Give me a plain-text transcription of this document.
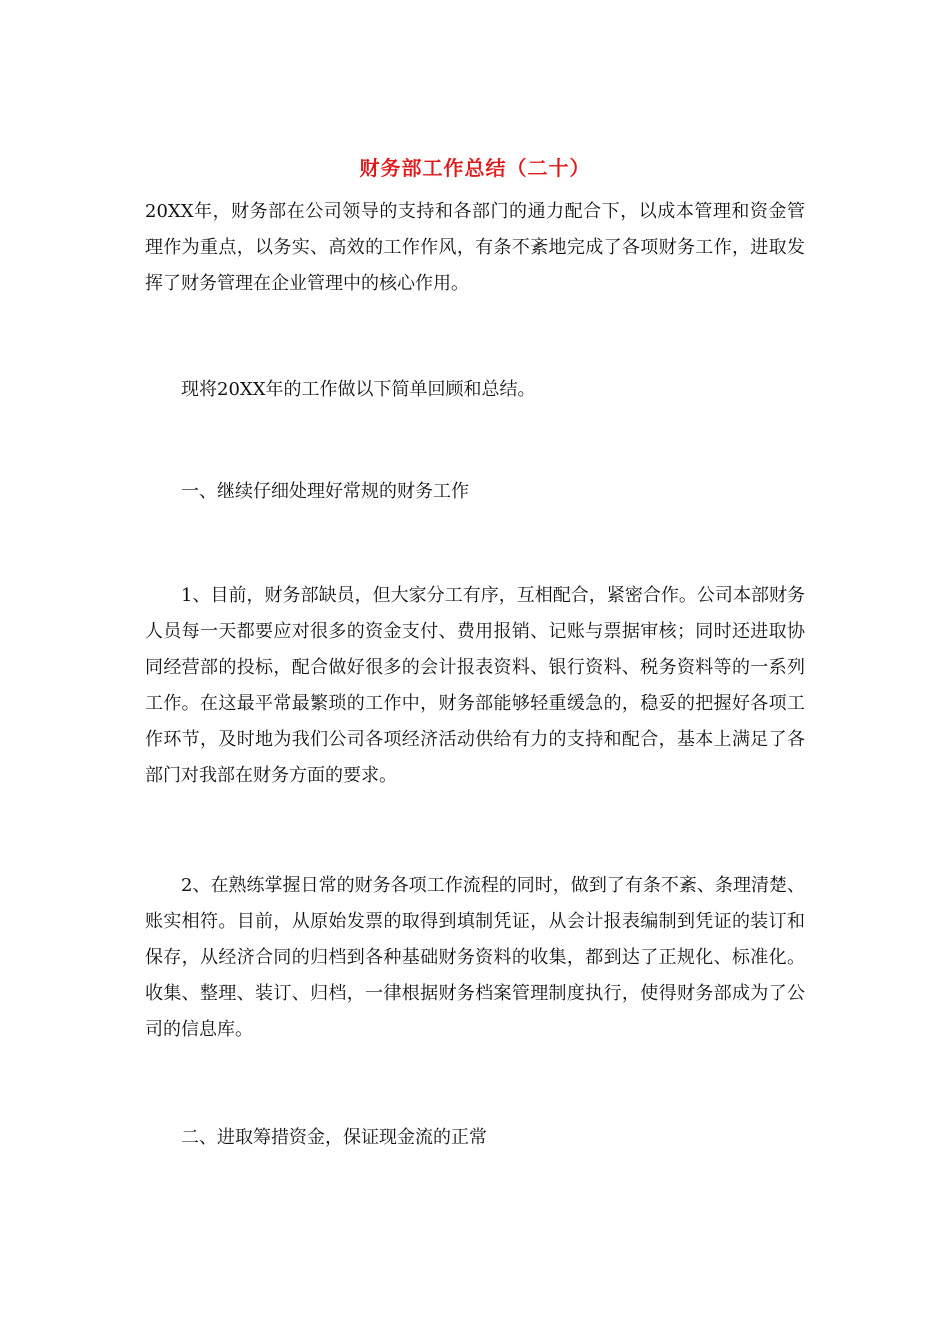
财务部工作总结（二十）

20XX年，财务部在公司领导的支持和各部门的通力配合下，以成本管理和资金管理作为重点，以务实、高效的工作作风，有条不紊地完成了各项财务工作，进取发挥了财务管理在企业管理中的核心作用。

现将20XX年的工作做以下简单回顾和总结。

一、继续仔细处理好常规的财务工作

1、目前，财务部缺员，但大家分工有序，互相配合，紧密合作。公司本部财务人员每一天都要应对很多的资金支付、费用报销、记账与票据审核；同时还进取协同经营部的投标，配合做好很多的会计报表资料、银行资料、税务资料等的一系列工作。在这最平常最繁琐的工作中，财务部能够轻重缓急的，稳妥的把握好各项工作环节，及时地为我们公司各项经济活动供给有力的支持和配合，基本上满足了各部门对我部在财务方面的要求。

2、在熟练掌握日常的财务各项工作流程的同时，做到了有条不紊、条理清楚、账实相符。目前，从原始发票的取得到填制凭证，从会计报表编制到凭证的装订和保存，从经济合同的归档到各种基础财务资料的收集，都到达了正规化、标准化。收集、整理、装订、归档，一律根据财务档案管理制度执行，使得财务部成为了公司的信息库。

二、进取筹措资金，保证现金流的正常
